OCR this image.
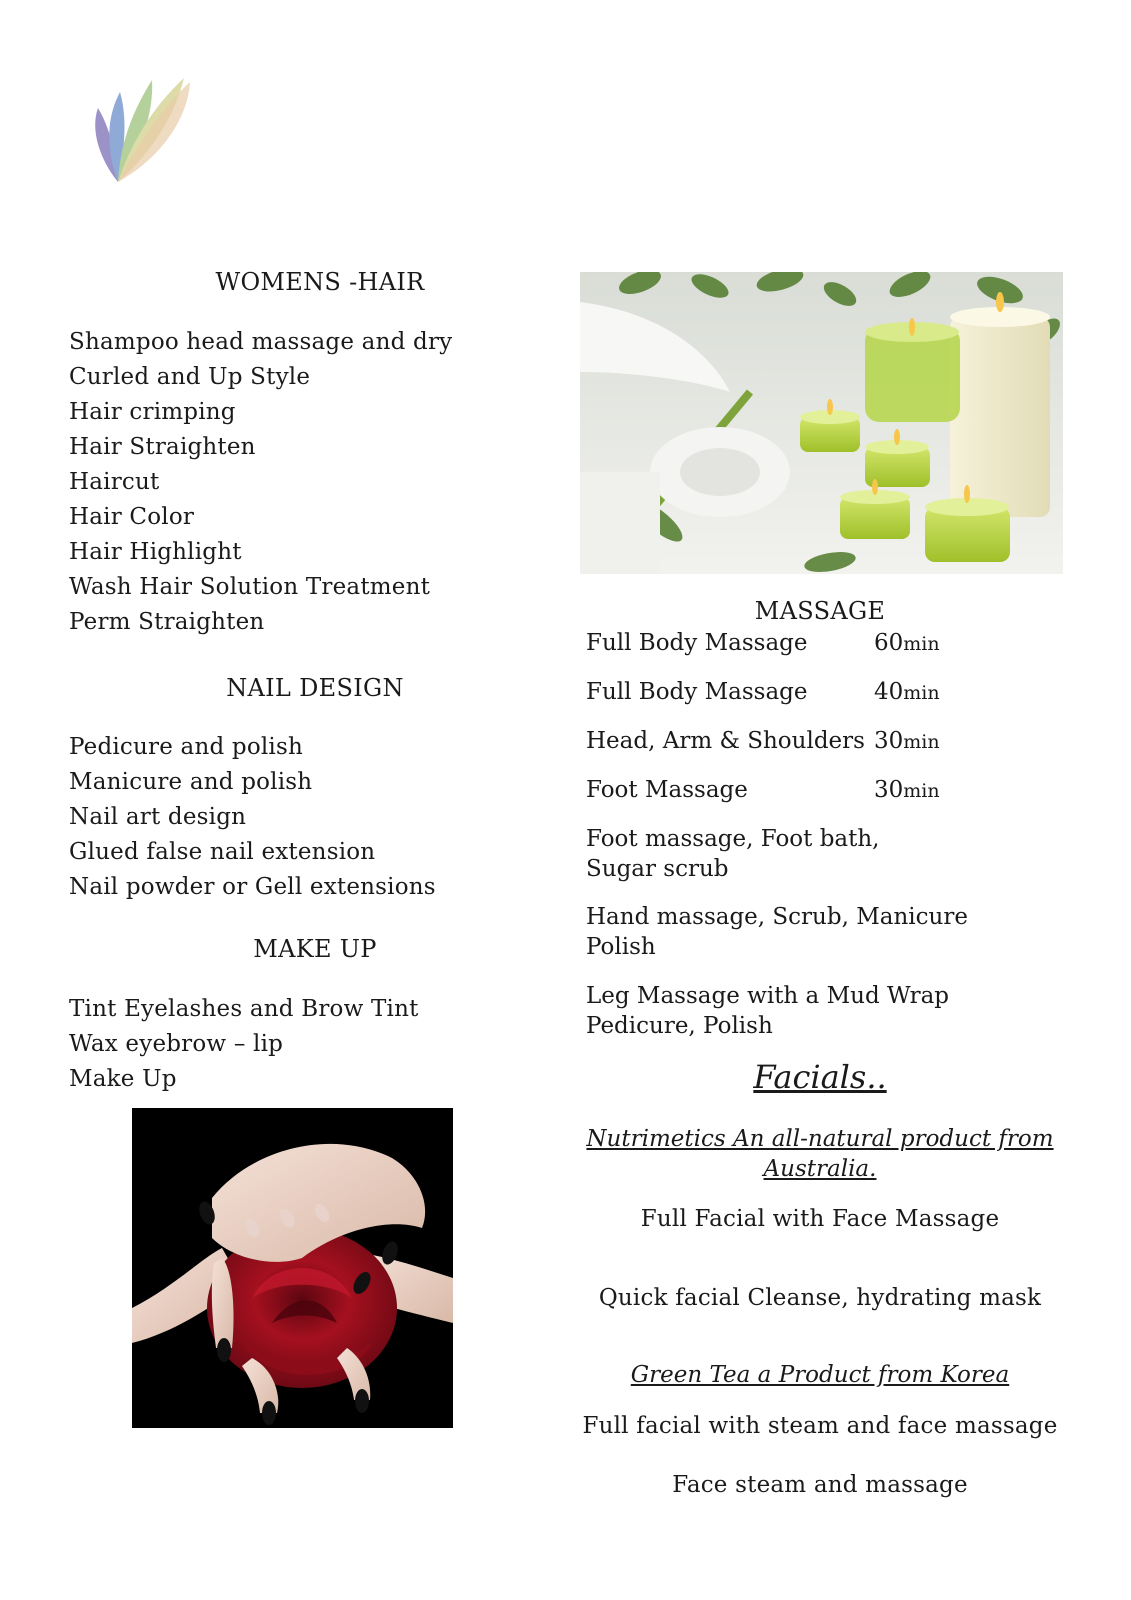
WOMENS -HAIR
Shampoo head massage and dry
Curled and Up Style
Hair crimping
Hair Straighten
Haircut
Hair Color
Hair Highlight
Wash Hair Solution Treatment
Perm Straighten
NAIL DESIGN
Pedicure and polish
Manicure and polish
Nail art design
Glued false nail extension
Nail powder or Gell extensions
MAKE UP
Tint Eyelashes and Brow Tint
Wax eyebrow – lip
Make Up
MASSAGE
Full Body Massage	60min
Full Body Massage	40min
Head, Arm & Shoulders 30min
Foot Massage	30min
Foot massage, Foot bath,
Sugar scrub
Hand massage, Scrub, Manicure
Polish
Leg Massage with a Mud Wrap
Pedicure, Polish
Facials..
Nutrimetics An all-natural product from
Australia.
Full Facial with Face Massage
Quick facial Cleanse, hydrating mask
Green Tea a Product from Korea
Full facial with steam and face massage
Face steam and massage
